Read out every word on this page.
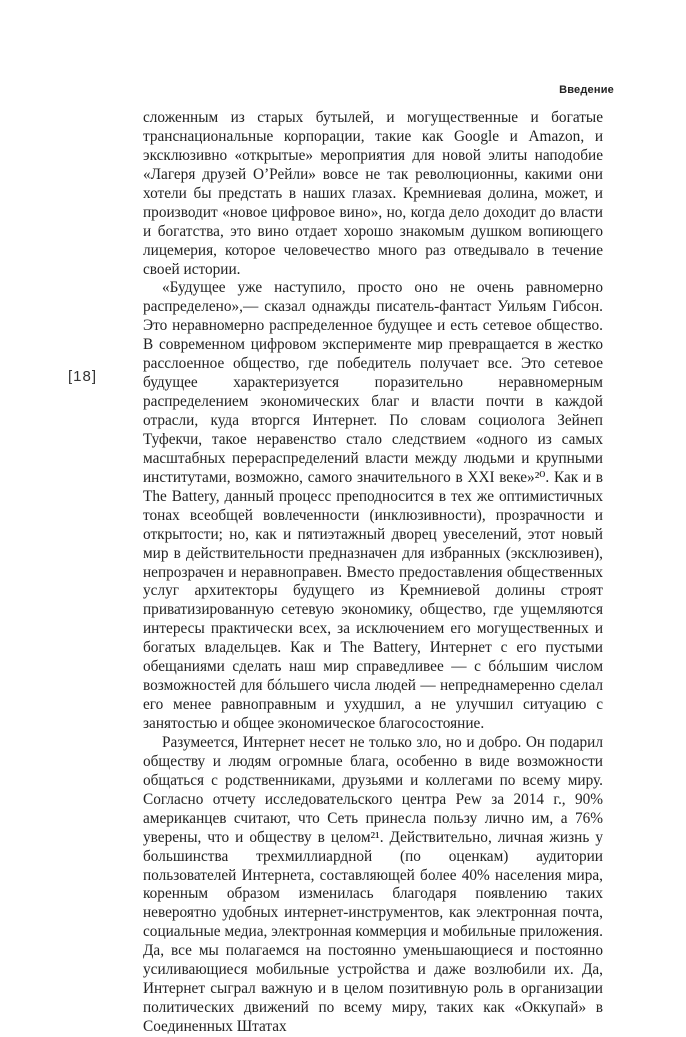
Введение
[18]

сложенным из старых бутылей, и могущественные и богатые транснациональные корпорации, такие как Google и Amazon, и эксклюзивно «открытые» мероприятия для новой элиты наподобие «Лагеря друзей О’Рейли» вовсе не так революционны, какими они хотели бы предстать в наших глазах. Кремниевая долина, может, и производит «новое цифровое вино», но, когда дело доходит до власти и богатства, это вино отдает хорошо знакомым душком вопиющего лицемерия, которое человечество много раз отведывало в течение своей истории.

«Будущее уже наступило, просто оно не очень равномерно распределено»,— сказал однажды писатель-фантаст Уильям Гибсон. Это неравномерно распределенное будущее и есть сетевое общество. В современном цифровом эксперименте мир превращается в жестко расслоенное общество, где победитель получает все. Это сетевое будущее характеризуется поразительно неравномерным распределением экономических благ и власти почти в каждой отрасли, куда вторгся Интернет. По словам социолога Зейнеп Туфекчи, такое неравенство стало следствием «одного из самых масштабных перераспределений власти между людьми и крупными институтами, возможно, самого значительного в XXI веке»²⁰. Как и в The Battery, данный процесс преподносится в тех же оптимистичных тонах всеобщей вовлеченности (инклюзивности), прозрачности и открытости; но, как и пятиэтажный дворец увеселений, этот новый мир в действительности предназначен для избранных (эксклюзивен), непрозрачен и неравноправен. Вместо предоставления общественных услуг архитекторы будущего из Кремниевой долины строят приватизированную сетевую экономику, общество, где ущемляются интересы практически всех, за исключением его могущественных и богатых владельцев. Как и The Battery, Интернет с его пустыми обещаниями сделать наш мир справедливее — с бóльшим числом возможностей для бóльшего числа людей — непреднамеренно сделал его менее равноправным и ухудшил, а не улучшил ситуацию с занятостью и общее экономическое благосостояние.

Разумеется, Интернет несет не только зло, но и добро. Он подарил обществу и людям огромные блага, особенно в виде возможности общаться с родственниками, друзьями и коллегами по всему миру. Согласно отчету исследовательского центра Pew за 2014 г., 90% американцев считают, что Сеть принесла пользу лично им, а 76% уверены, что и обществу в целом²¹. Действительно, личная жизнь у большинства трехмиллиардной (по оценкам) аудитории пользователей Интернета, составляющей более 40% населения мира, коренным образом изменилась благодаря появлению таких невероятно удобных интернет-инструментов, как электронная почта, социальные медиа, электронная коммерция и мобильные приложения. Да, все мы полагаемся на постоянно уменьшающиеся и постоянно усиливающиеся мобильные устройства и даже возлюбили их. Да, Интернет сыграл важную и в целом позитивную роль в организации политических движений по всему миру, таких как «Оккупай» в Соединенных Штатах
